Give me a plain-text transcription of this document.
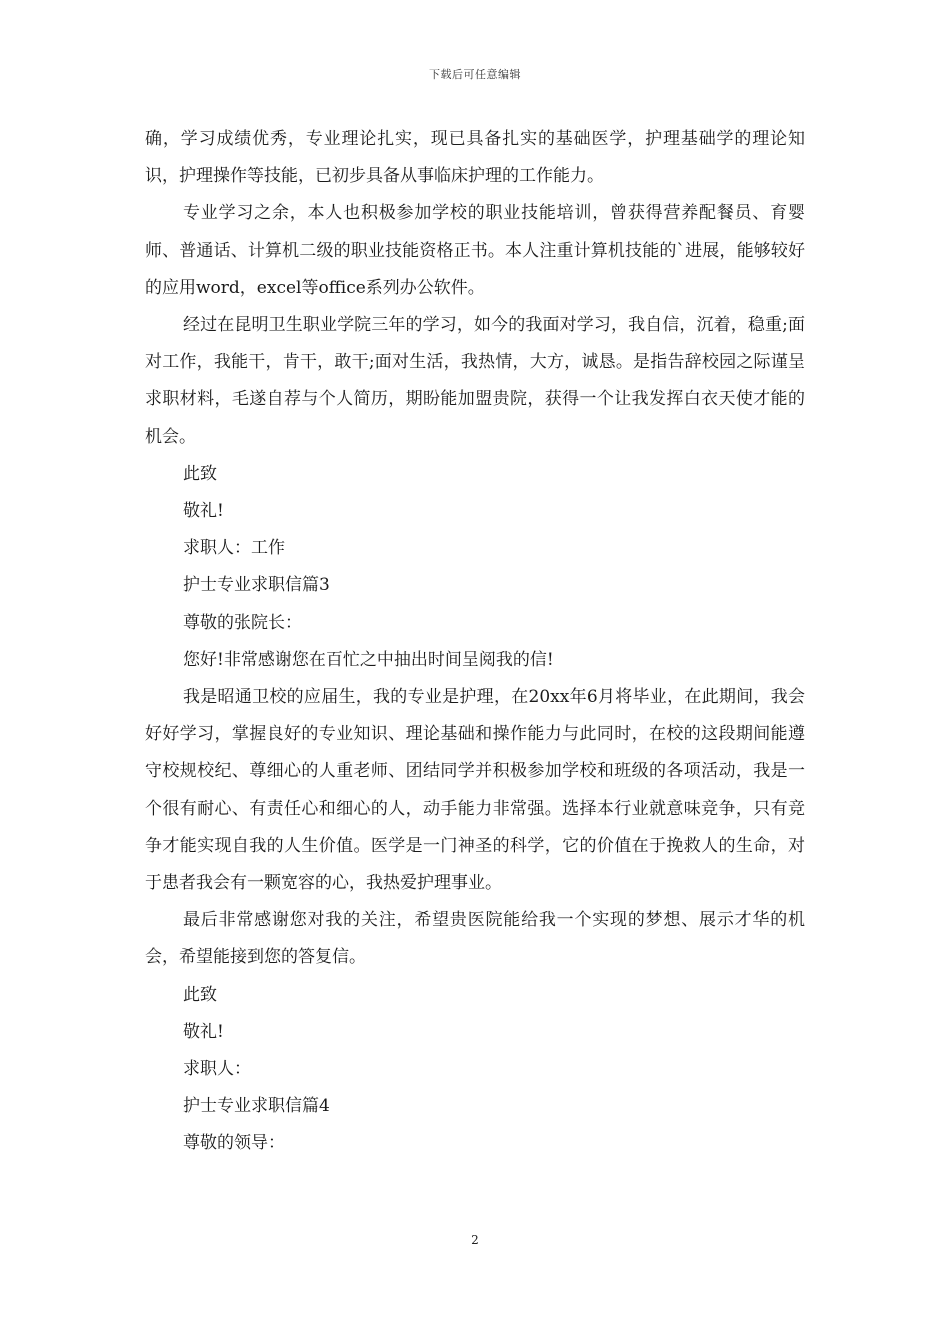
下载后可任意编辑

确，学习成绩优秀，专业理论扎实，现已具备扎实的基础医学，护理基础学的理论知识，护理操作等技能，已初步具备从事临床护理的工作能力。

专业学习之余，本人也积极参加学校的职业技能培训，曾获得营养配餐员、育婴师、普通话、计算机二级的职业技能资格正书。本人注重计算机技能的`进展，能够较好的应用word，excel等office系列办公软件。

经过在昆明卫生职业学院三年的学习，如今的我面对学习，我自信，沉着，稳重;面对工作，我能干，肯干，敢干;面对生活，我热情，大方，诚恳。是指告辞校园之际谨呈求职材料，毛遂自荐与个人简历，期盼能加盟贵院，获得一个让我发挥白衣天使才能的机会。

此致

敬礼!

求职人：工作

护士专业求职信篇3

尊敬的张院长：

您好!非常感谢您在百忙之中抽出时间呈阅我的信!

我是昭通卫校的应届生，我的专业是护理，在20xx年6月将毕业，在此期间，我会好好学习，掌握良好的专业知识、理论基础和操作能力与此同时，在校的这段期间能遵守校规校纪、尊细心的人重老师、团结同学并积极参加学校和班级的各项活动，我是一个很有耐心、有责任心和细心的人，动手能力非常强。选择本行业就意味竞争，只有竞争才能实现自我的人生价值。医学是一门神圣的科学，它的价值在于挽救人的生命，对于患者我会有一颗宽容的心，我热爱护理事业。

最后非常感谢您对我的关注，希望贵医院能给我一个实现的梦想、展示才华的机会，希望能接到您的答复信。

此致

敬礼!

求职人：

护士专业求职信篇4

尊敬的领导：

2
